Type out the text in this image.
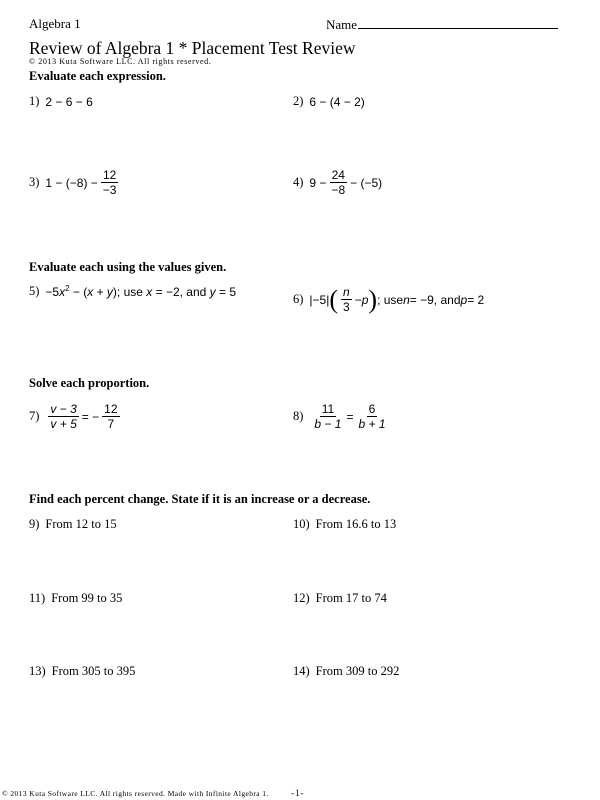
Algebra 1	Name
Review of Algebra 1 * Placement Test Review
© 2013 Kuta Software LLC. All rights reserved.
Evaluate each expression.
1) 2 − 6 − 6	2) 6 − (4 − 2)
3) $1 - (-8) - \frac{12}{-3}$	4) $9 - \frac{24}{-8} - (-5)$
Evaluate each using the values given.
$5) -5x^2 - (x + y)$; use x = −2, and y = 5	6) |−5| ( $\frac{n}{3} - p$ ) ; use n = −9, and p = 2
Solve each proportion.
$7) \frac{v - 3}{v + 5}$ = − $\frac{12}{7}$	$8) \frac{11}{b - 1} = \frac{6}{b + 1}$
Find each percent change. State if it is an increase or a decrease.
9) From 12 to 15	10) From 16.6 to 13
11) From 99 to 35	12) From 17 to 74
13) From 305 to 395	14) From 309 to 292
© 2013 Kuta Software LLC. All rights reserved. Made with Infinite Algebra 1. -1-
